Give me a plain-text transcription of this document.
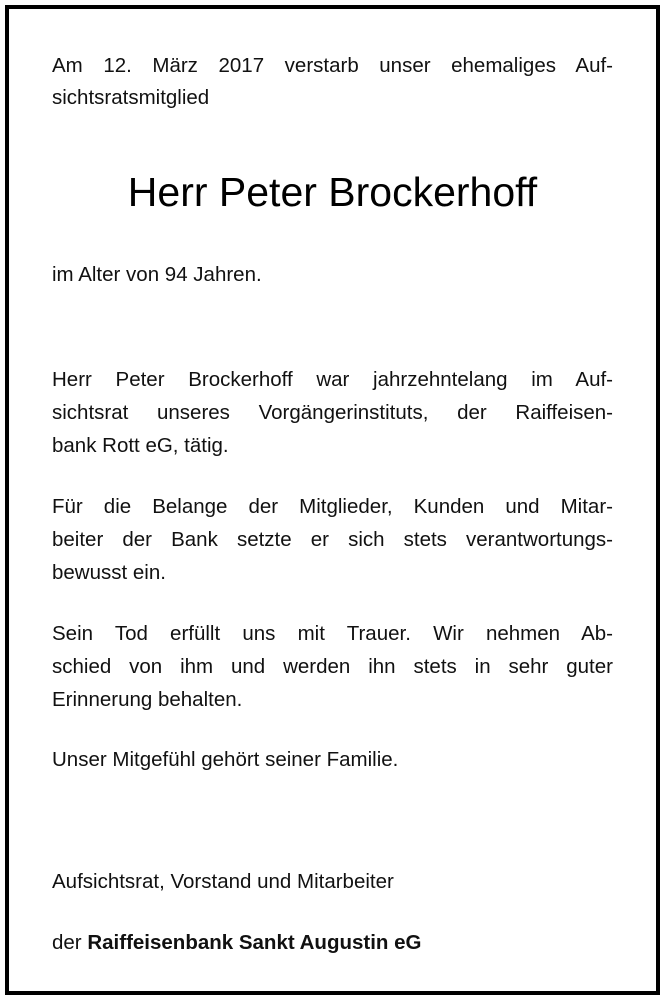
Am 12. März 2017 verstarb unser ehemaliges Auf-

sichtsratsmitglied

Herr Peter Brockerhoff

im Alter von 94 Jahren.

Herr Peter Brockerhoff war jahrzehntelang im Auf-

sichtsrat unseres Vorgängerinstituts, der Raiffeisen-

bank Rott eG, tätig.

Für die Belange der Mitglieder, Kunden und Mitar-

beiter der Bank setzte er sich stets verantwortungs-

bewusst ein.

Sein Tod erfüllt uns mit Trauer. Wir nehmen Ab-

schied von ihm und werden ihn stets in sehr guter

Erinnerung behalten.

Unser Mitgefühl gehört seiner Familie.

Aufsichtsrat, Vorstand und Mitarbeiter

der Raiffeisenbank Sankt Augustin eG
